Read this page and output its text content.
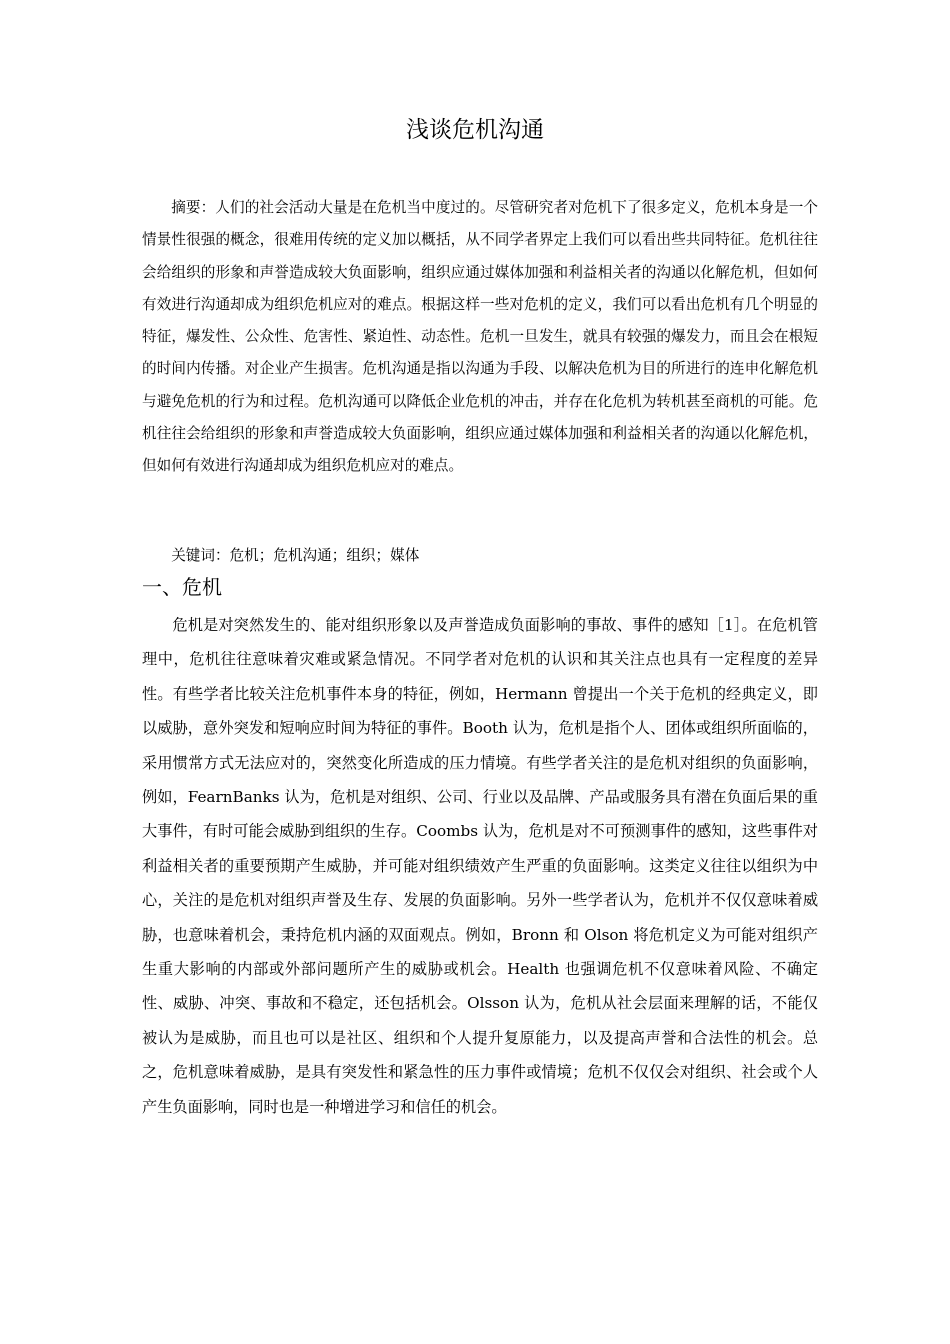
浅谈危机沟通

摘要：人们的社会活动大量是在危机当中度过的。尽管研究者对危机下了很多定义，危机本身是一个情景性很强的概念，很难用传统的定义加以概括，从不同学者界定上我们可以看出些共同特征。危机往往会给组织的形象和声誉造成较大负面影响，组织应通过媒体加强和利益相关者的沟通以化解危机，但如何有效进行沟通却成为组织危机应对的难点。根据这样一些对危机的定义，我们可以看出危机有几个明显的特征，爆发性、公众性、危害性、紧迫性、动态性。危机一旦发生，就具有较强的爆发力，而且会在根短的时间内传播。对企业产生损害。危机沟通是指以沟通为手段、以解决危机为目的所进行的连申化解危机与避免危机的行为和过程。危机沟通可以降低企业危机的冲击，并存在化危机为转机甚至商机的可能。危机往往会给组织的形象和声誉造成较大负面影响，组织应通过媒体加强和利益相关者的沟通以化解危机，但如何有效进行沟通却成为组织危机应对的难点。

关键词：危机；危机沟通；组织；媒体

一、危机

危机是对突然发生的、能对组织形象以及声誉造成负面影响的事故、事件的感知［1］。在危机管理中，危机往往意味着灾难或紧急情况。不同学者对危机的认识和其关注点也具有一定程度的差异性。有些学者比较关注危机事件本身的特征，例如，Hermann 曾提出一个关于危机的经典定义，即以威胁，意外突发和短响应时间为特征的事件。Booth 认为，危机是指个人、团体或组织所面临的，采用惯常方式无法应对的，突然变化所造成的压力情境。有些学者关注的是危机对组织的负面影响，例如，FearnBanks 认为，危机是对组织、公司、行业以及品牌、产品或服务具有潜在负面后果的重大事件，有时可能会威胁到组织的生存。Coombs 认为，危机是对不可预测事件的感知，这些事件对利益相关者的重要预期产生威胁，并可能对组织绩效产生严重的负面影响。这类定义往往以组织为中心，关注的是危机对组织声誉及生存、发展的负面影响。另外一些学者认为，危机并不仅仅意味着威胁，也意味着机会，秉持危机内涵的双面观点。例如，Bronn 和 Olson 将危机定义为可能对组织产生重大影响的内部或外部问题所产生的威胁或机会。Health 也强调危机不仅意味着风险、不确定性、威胁、冲突、事故和不稳定，还包括机会。Olsson 认为，危机从社会层面来理解的话，不能仅被认为是威胁，而且也可以是社区、组织和个人提升复原能力，以及提高声誉和合法性的机会。总之，危机意味着威胁，是具有突发性和紧急性的压力事件或情境；危机不仅仅会对组织、社会或个人产生负面影响，同时也是一种增进学习和信任的机会。
